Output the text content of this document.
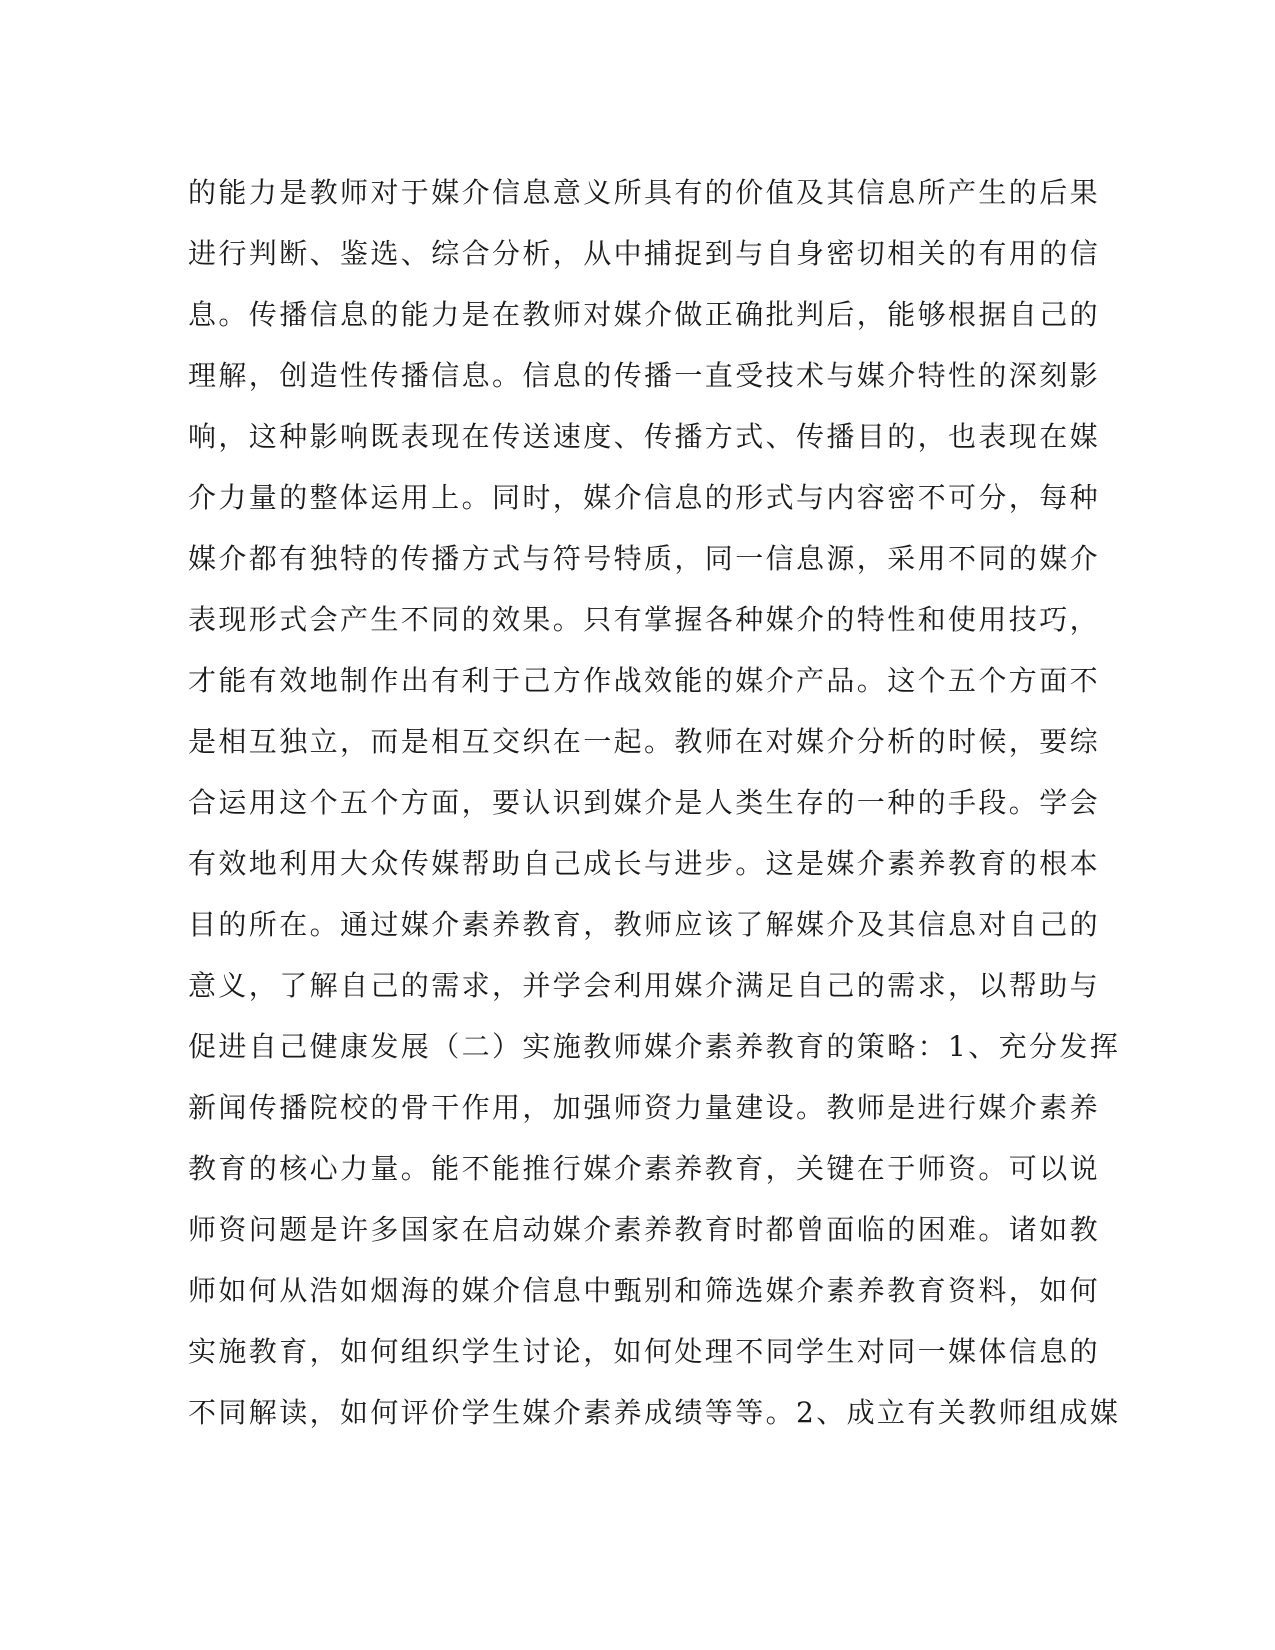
的能力是教师对于媒介信息意义所具有的价值及其信息所产生的后果
进行判断、鉴选、综合分析，从中捕捉到与自身密切相关的有用的信
息。传播信息的能力是在教师对媒介做正确批判后，能够根据自己的
理解，创造性传播信息。信息的传播一直受技术与媒介特性的深刻影
响，这种影响既表现在传送速度、传播方式、传播目的，也表现在媒
介力量的整体运用上。同时，媒介信息的形式与内容密不可分，每种
媒介都有独特的传播方式与符号特质，同一信息源，采用不同的媒介
表现形式会产生不同的效果。只有掌握各种媒介的特性和使用技巧，
才能有效地制作出有利于己方作战效能的媒介产品。这个五个方面不
是相互独立，而是相互交织在一起。教师在对媒介分析的时候，要综
合运用这个五个方面，要认识到媒介是人类生存的一种的手段。学会
有效地利用大众传媒帮助自己成长与进步。这是媒介素养教育的根本
目的所在。通过媒介素养教育，教师应该了解媒介及其信息对自己的
意义，了解自己的需求，并学会利用媒介满足自己的需求，以帮助与
促进自己健康发展（二）实施教师媒介素养教育的策略：1、充分发挥
新闻传播院校的骨干作用，加强师资力量建设。教师是进行媒介素养
教育的核心力量。能不能推行媒介素养教育，关键在于师资。可以说
师资问题是许多国家在启动媒介素养教育时都曾面临的困难。诸如教
师如何从浩如烟海的媒介信息中甄别和筛选媒介素养教育资料，如何
实施教育，如何组织学生讨论，如何处理不同学生对同一媒体信息的
不同解读，如何评价学生媒介素养成绩等等。2、成立有关教师组成媒
